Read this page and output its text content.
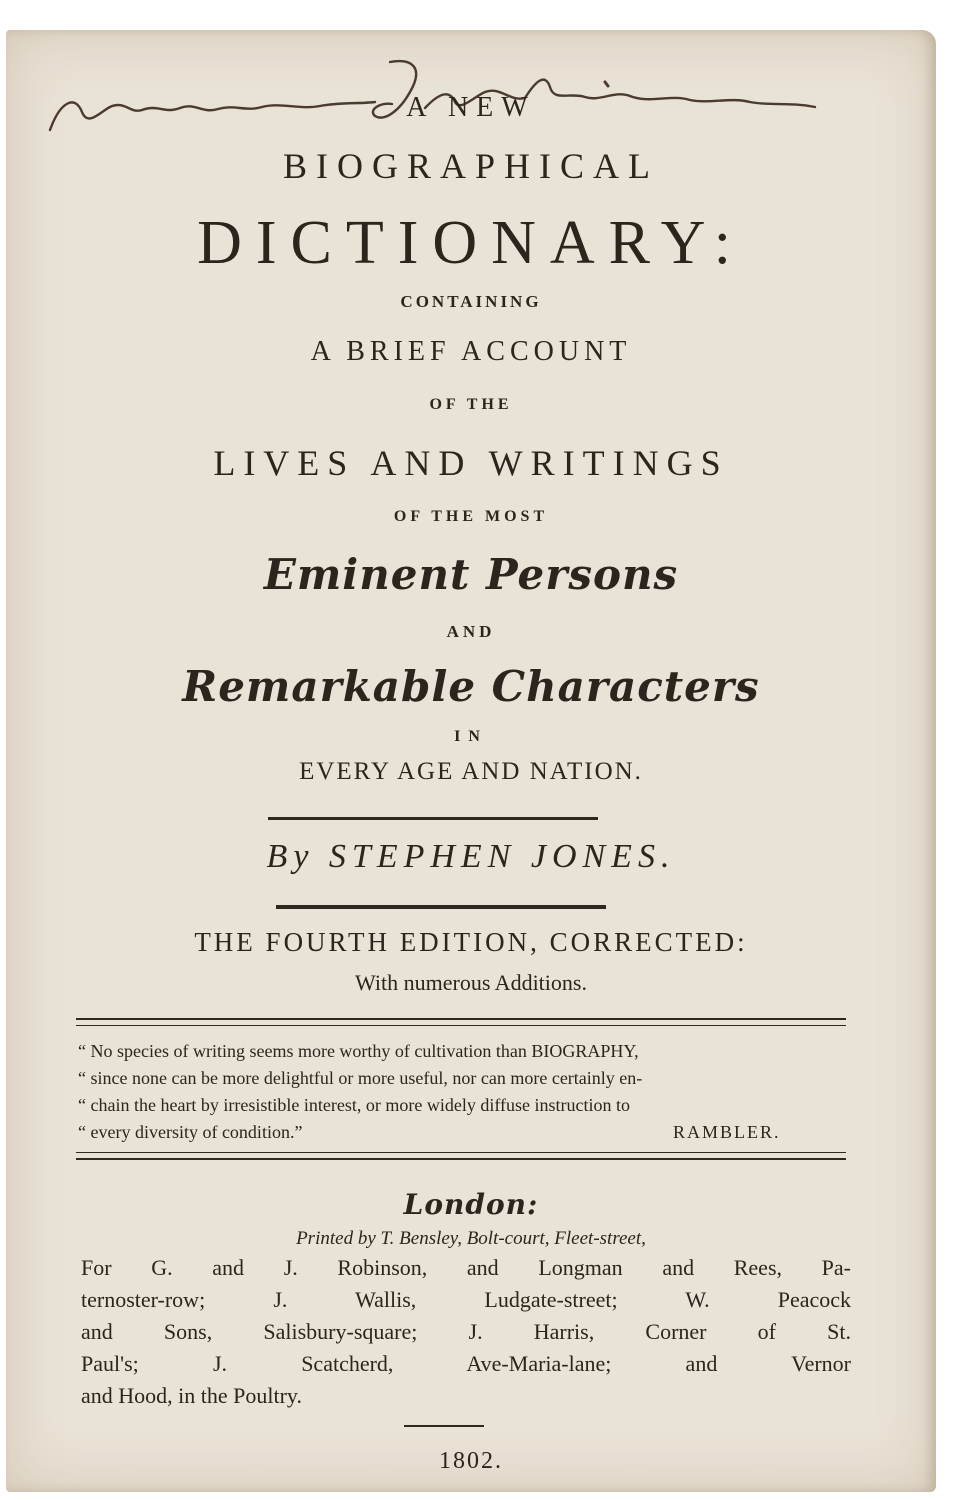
A NEW
BIOGRAPHICAL
DICTIONARY:
CONTAINING
A BRIEF ACCOUNT
OF THE
LIVES AND WRITINGS
OF THE MOST
Eminent Persons
AND
Remarkable Characters
IN
EVERY AGE AND NATION.
By STEPHEN JONES.
THE FOURTH EDITION, CORRECTED:
With numerous Additions.
“ No species of writing seems more worthy of cultivation than BIOGRAPHY,
“ since none can be more delightful or more useful, nor can more certainly en-
“ chain the heart by irresistible interest, or more widely diffuse instruction to
“ every diversity of condition.”	RAMBLER.
London:
Printed by T. Bensley, Bolt-court, Fleet-street,
For G. and J. Robinson, and Longman and Rees, Pa-
ternoster-row; J. Wallis, Ludgate-street; W. Peacock
and Sons, Salisbury-square; J. Harris, Corner of St.
Paul's; J. Scatcherd, Ave-Maria-lane; and Vernor
and Hood, in the Poultry.
1802.
